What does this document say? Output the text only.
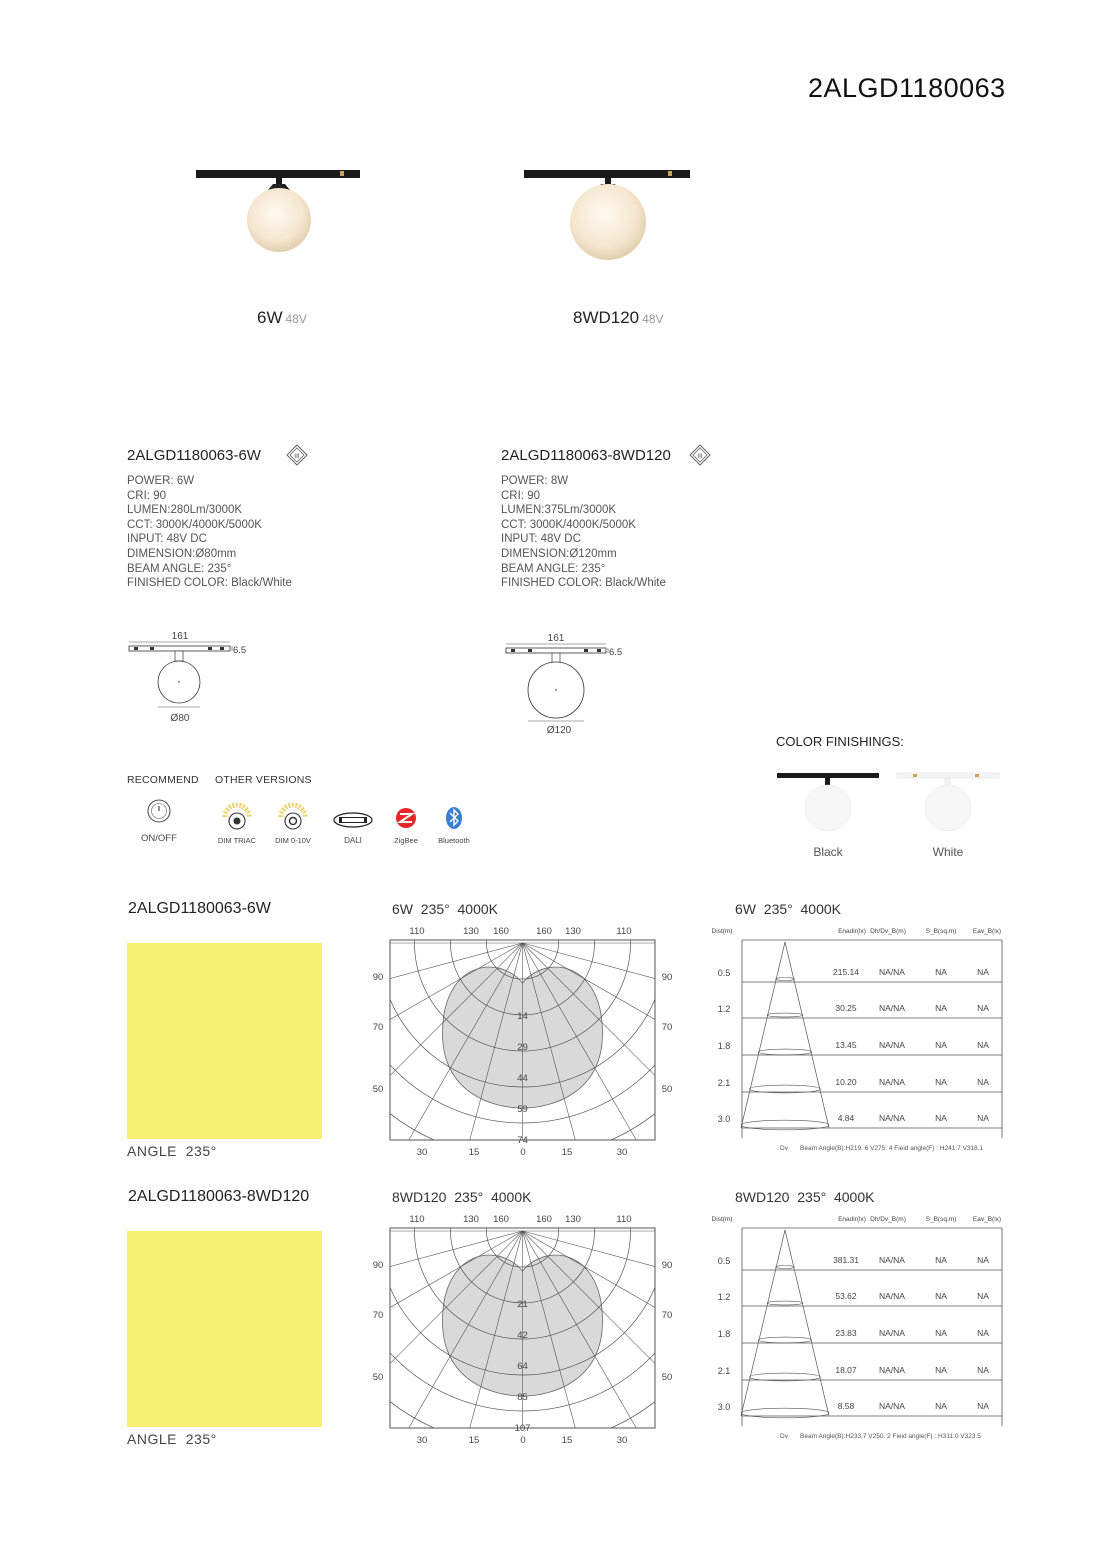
2ALGD1180063
6W 48V	8WD120 48V
2ALGD1180063-6W	III
POWER: 6W
CRI: 90
LUMEN:280Lm/3000K
CCT: 3000K/4000K/5000K
INPUT: 48V DC
DIMENSION:Ø80mm
BEAM ANGLE: 235°
FINISHED COLOR: Black/White
2ALGD1180063-8WD120	III
POWER: 8W
CRI: 90
LUMEN:375Lm/3000K
CCT: 3000K/4000K/5000K
INPUT: 48V DC
DIMENSION:Ø120mm
BEAM ANGLE: 235°
FINISHED COLOR: Black/White
161
6.5
Ø80
161
6.5
Ø120
RECOMMEND OTHER VERSIONS
ON/OFF	DIM TRIAC	DIM 0-10V	DALI	ZigBee	Bluetooth
COLOR FINISHINGS:
Black	White
2ALGD1180063-6W
ANGLE  235°
6W  235°  4000K
14
29
44
59
74
110	130 160	160 130	110
90	90
70	70
50	50
30	15	0	15	30
6W  235°  4000K
Dist(m)	Enadir(lx) Dh/Dv_B(m)	S_B(sq.m)	Eav_B(lx)
0.5	215.14 NA/NA	NA	NA
1.2	30.25	NA/NA	NA	NA
1.8	13.45	NA/NA	NA	NA
2.1	10.20	NA/NA	NA	NA
3.0	4.84	NA/NA	NA	NA
Dv Beam Angle(B):H219. 6 V275. 4 Fieid angle(F) : H241.7 V318.1
2ALGD1180063-8WD120
ANGLE  235°
8WD120  235°  4000K
21
42
64
85
107
110	130 160	160 130	110
90	90
70	70
50	50
30	15	0	15	30
8WD120  235°  4000K
Dist(m)	Enadir(lx) Dh/Dv_B(m)	S_B(sq.m)	Eav_B(lx)
0.5	381.31 NA/NA	NA	NA
1.2	53.62	NA/NA	NA	NA
1.8	23.83	NA/NA	NA	NA
2.1	18.07	NA/NA	NA	NA
3.0	8.58	NA/NA	NA	NA
Dv Beam Angle(B):H233.7 V250. 2 Fieid angle(F) : H311.0 V323.5
